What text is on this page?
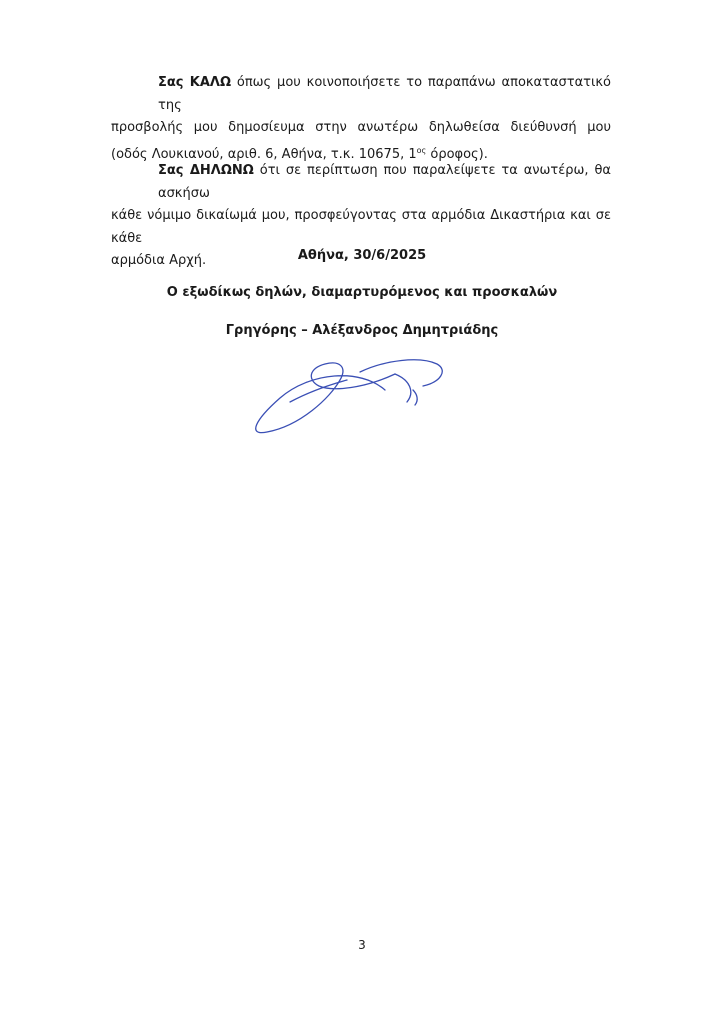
Σας ΚΑΛΩ όπως μου κοινοποιήσετε το παραπάνω αποκαταστατικό της
προσβολής μου δημοσίευμα στην ανωτέρω δηλωθείσα διεύθυνσή μου
(οδός Λουκιανού, αριθ. 6, Αθήνα, τ.κ. 10675, $1^{o\varsigma}$ όροφος).
Σας ΔΗΛΩΝΩ ότι σε περίπτωση που παραλείψετε τα ανωτέρω, θα ασκήσω
κάθε νόμιμο δικαίωμά μου, προσφεύγοντας στα αρμόδια Δικαστήρια και σε κάθε
αρμόδια Αρχή.	Αθήνα, 30/6/2025
Ο εξωδίκως δηλών, διαμαρτυρόμενος και προσκαλών
Γρηγόρης – Αλέξανδρος Δημητριάδης
3
